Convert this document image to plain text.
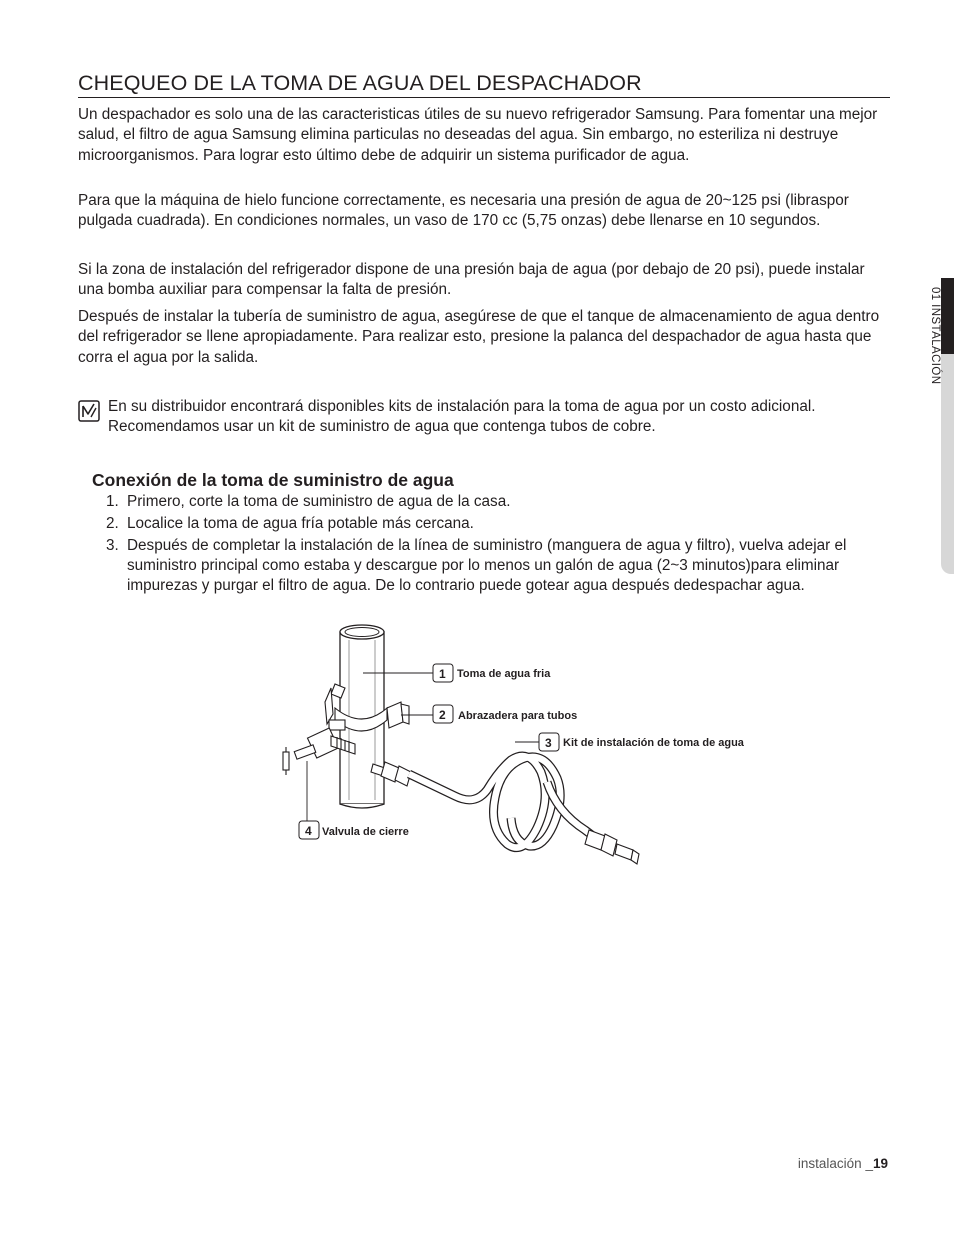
CHEQUEO DE LA TOMA DE AGUA DEL DESPACHADOR

Un despachador es solo una de las caracteristicas útiles de su nuevo refrigerador Samsung. Para fomentar una mejor salud, el filtro de agua Samsung elimina particulas no deseadas del agua. Sin embargo, no esteriliza ni destruye microorganismos. Para lograr esto último debe de adquirir un sistema purificador de agua.

Para que la máquina de hielo funcione correctamente, es necesaria una presión de agua de 20~125 psi (libraspor pulgada cuadrada). En condiciones normales, un vaso de 170 cc (5,75 onzas) debe llenarse en 10 segundos.

Si la zona de instalación del refrigerador dispone de una presión baja de agua (por debajo de 20 psi), puede instalar una bomba auxiliar para compensar la falta de presión.

Después de instalar la tubería de suministro de agua, asegúrese de que el tanque de almacenamiento de agua dentro del refrigerador se llene apropiadamente. Para realizar esto, presione la palanca del despachador de agua hasta que corra el agua por la salida.

En su distribuidor encontrará disponibles kits de instalación para la toma de agua por un costo adicional. Recomendamos usar un kit de suministro de agua que contenga tubos de cobre.

Conexión de la toma de suministro de agua
1. Primero, corte la toma de suministro de agua de la casa.
2. Localice la toma de agua fría potable más cercana.
3. Después de completar la instalación de la línea de suministro (manguera de agua y filtro), vuelva adejar el suministro principal como estaba y descargue por lo menos un galón de agua (2~3 minutos)para eliminar impurezas y purgar el filtro de agua. De lo contrario puede gotear agua después dedespachar agua.
1 Toma de agua fria
2 Abrazadera para tubos
3 Kit de instalación de toma de agua
4 Valvula de cierre
01 INSTALACIÓN
instalación _19
